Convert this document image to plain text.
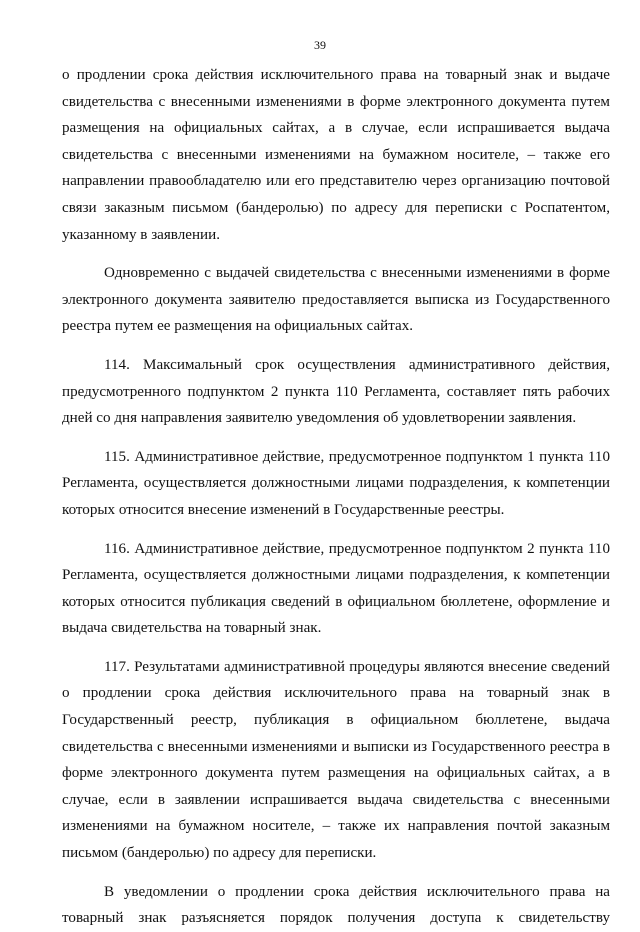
39

о продлении срока действия исключительного права на товарный знак и выдаче свидетельства с внесенными изменениями в форме электронного документа путем размещения на официальных сайтах, а в случае, если испрашивается выдача свидетельства с внесенными изменениями на бумажном носителе, – также его направлении правообладателю или его представителю через организацию почтовой связи заказным письмом (бандеролью) по адресу для переписки с Роспатентом, указанному в заявлении.

Одновременно с выдачей свидетельства с внесенными изменениями в форме электронного документа заявителю предоставляется выписка из Государственного реестра путем ее размещения на официальных сайтах.

114. Максимальный срок осуществления административного действия, предусмотренного подпунктом 2 пункта 110 Регламента, составляет пять рабочих дней со дня направления заявителю уведомления об удовлетворении заявления.

115. Административное действие, предусмотренное подпунктом 1 пункта 110 Регламента, осуществляется должностными лицами подразделения, к компетенции которых относится внесение изменений в Государственные реестры.

116. Административное действие, предусмотренное подпунктом 2 пункта 110 Регламента, осуществляется должностными лицами подразделения, к компетенции которых относится публикация сведений в официальном бюллетене, оформление и выдача свидетельства на товарный знак.

117. Результатами административной процедуры являются внесение сведений о продлении срока действия исключительного права на товарный знак в Государственный реестр, публикация в официальном бюллетене, выдача свидетельства с внесенными изменениями и выписки из Государственного реестра в форме электронного документа путем размещения на официальных сайтах, а в случае, если в заявлении испрашивается выдача свидетельства с внесенными изменениями на бумажном носителе, – также их направления почтой заказным письмом (бандеролью) по адресу для переписки.

В уведомлении о продлении срока действия исключительного права на товарный знак разъясняется порядок получения доступа к свидетельству
